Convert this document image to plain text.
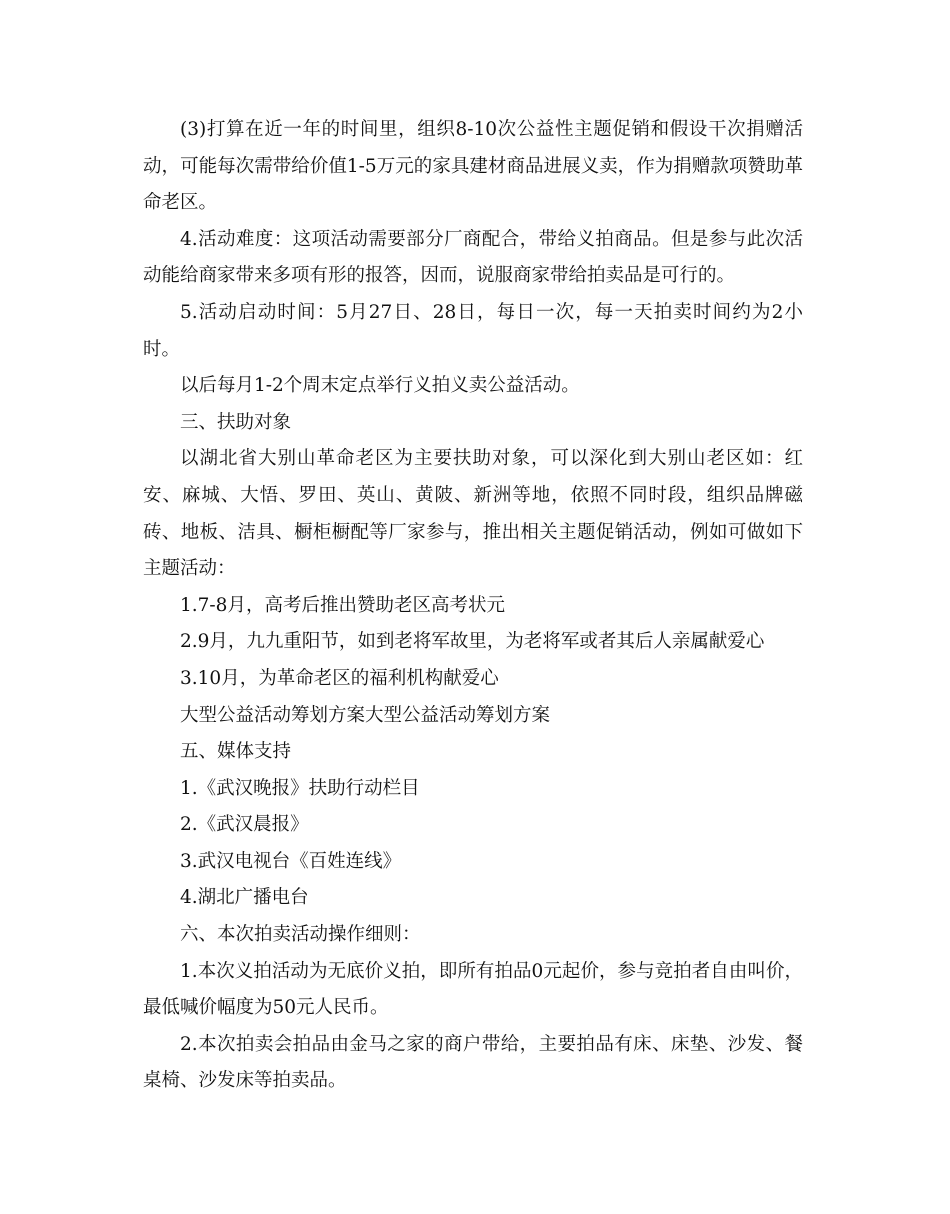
(3)打算在近一年的时间里，组织8-10次公益性主题促销和假设干次捐赠活动，可能每次需带给价值1-5万元的家具建材商品进展义卖，作为捐赠款项赞助革命老区。

4.活动难度：这项活动需要部分厂商配合，带给义拍商品。但是参与此次活动能给商家带来多项有形的报答，因而，说服商家带给拍卖品是可行的。

5.活动启动时间：5月27日、28日，每日一次，每一天拍卖时间约为2小时。

以后每月1-2个周末定点举行义拍义卖公益活动。

三、扶助对象

以湖北省大别山革命老区为主要扶助对象，可以深化到大别山老区如：红安、麻城、大悟、罗田、英山、黄陂、新洲等地，依照不同时段，组织品牌磁砖、地板、洁具、橱柜橱配等厂家参与，推出相关主题促销活动，例如可做如下主题活动：

1.7-8月，高考后推出赞助老区高考状元

2.9月，九九重阳节，如到老将军故里，为老将军或者其后人亲属献爱心

3.10月，为革命老区的福利机构献爱心

大型公益活动筹划方案大型公益活动筹划方案

五、媒体支持

1.《武汉晚报》扶助行动栏目

2.《武汉晨报》

3.武汉电视台《百姓连线》

4.湖北广播电台

六、本次拍卖活动操作细则：

1.本次义拍活动为无底价义拍，即所有拍品0元起价，参与竞拍者自由叫价，最低喊价幅度为50元人民币。

2.本次拍卖会拍品由金马之家的商户带给，主要拍品有床、床垫、沙发、餐桌椅、沙发床等拍卖品。
